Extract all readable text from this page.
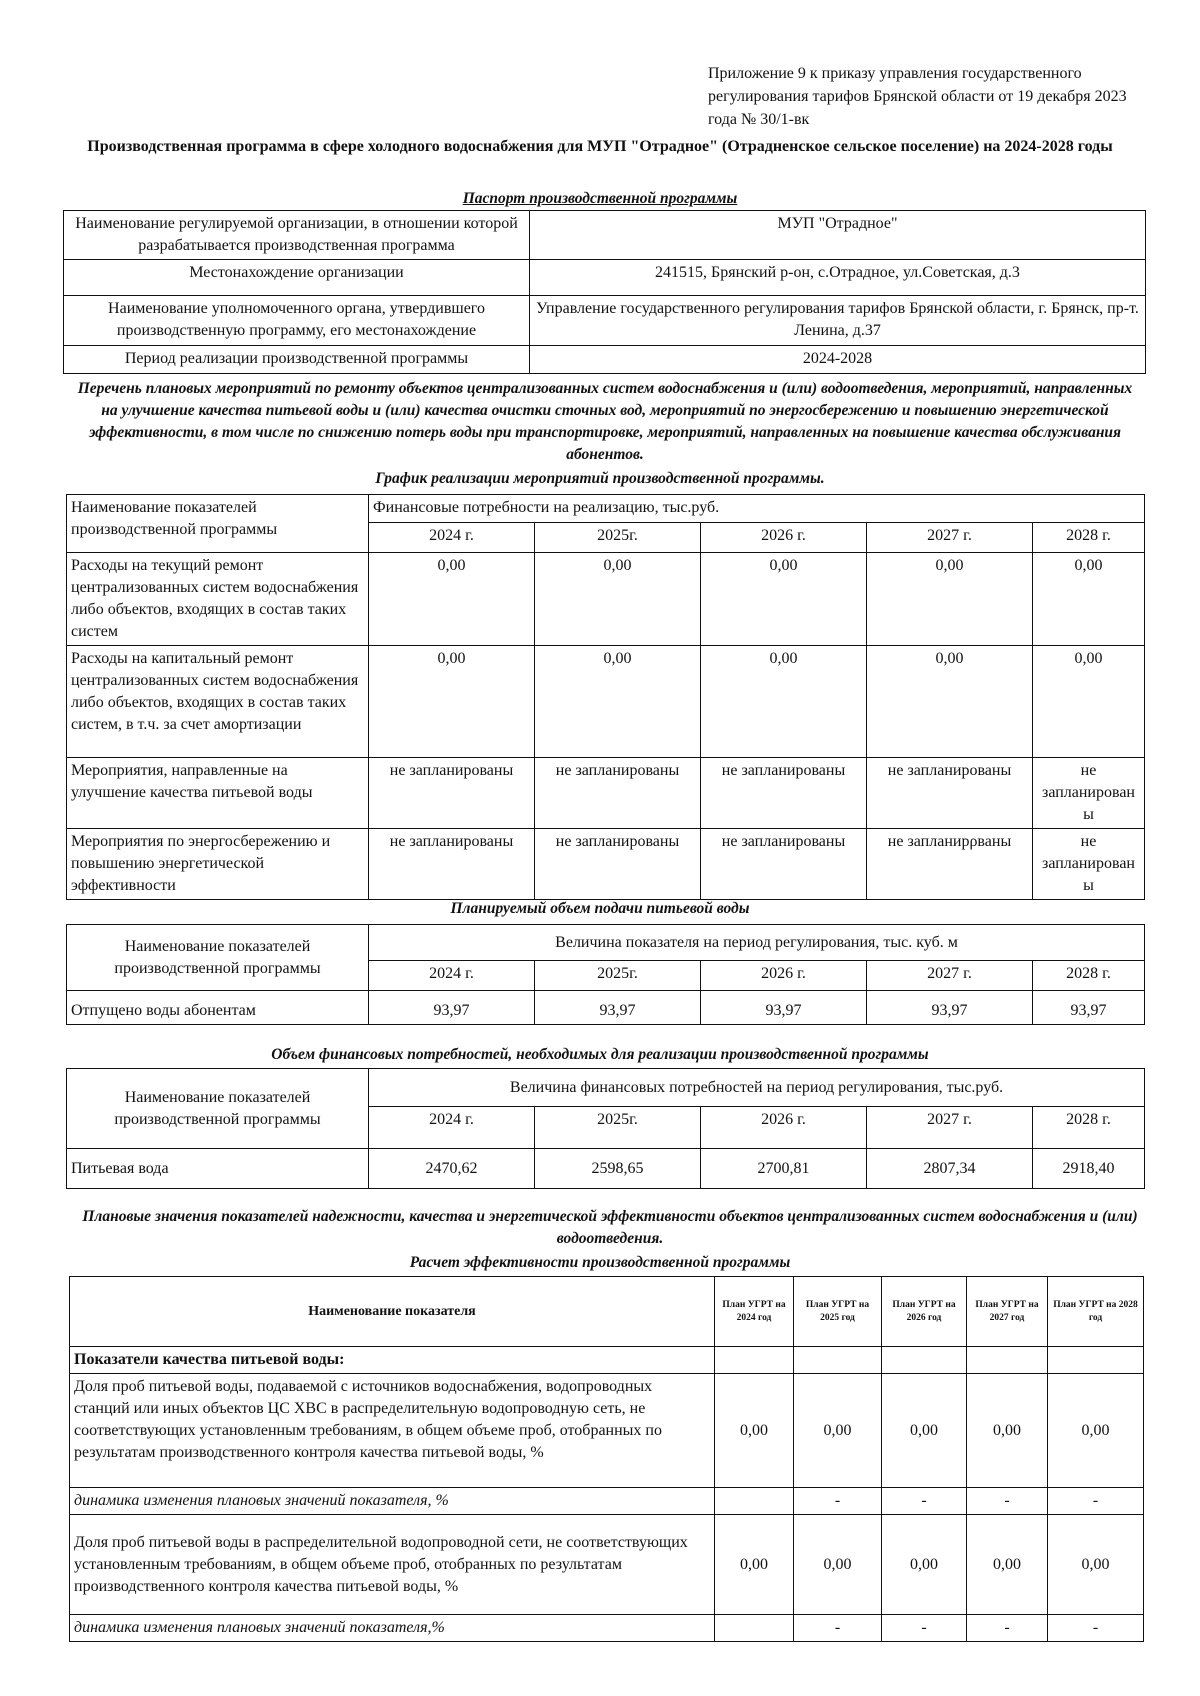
Приложение 9 к приказу управления государственного регулирования тарифов Брянской области от 19 декабря 2023 года № 30/1-вк
Производственная программа в сфере холодного водоснабжения для МУП "Отрадное" (Отрадненское сельское поселение) на 2024-2028 годы
Паспорт производственной программы
Наименование регулируемой организации, в отношении которой разрабатывается производственная программа	МУП "Отрадное"
Местонахождение организации	241515, Брянский р-он, с.Отрадное, ул.Советская, д.3
Наименование уполномоченного органа, утвердившего производственную программу, его местонахождение	Управление государственного регулирования тарифов Брянской области, г. Брянск, пр-т. Ленина, д.37
Период реализации производственной программы	2024-2028
Перечень плановых мероприятий по ремонту объектов централизованных систем водоснабжения и (или) водоотведения, мероприятий, направленных на улучшение качества питьевой воды и (или) качества очистки сточных вод, мероприятий по энергосбережению и повышению энергетической эффективности, в том числе по снижению потерь воды при транспортировке, мероприятий, направленных на повышение качества обслуживания абонентов.
График реализации мероприятий производственной программы.
Наименование показателей производственной программы	Финансовые потребности на реализацию, тыс.руб.				
	2024 г.	2025г.	2026 г.	2027 г.	2028 г.
Расходы на текущий ремонт централизованных систем водоснабжения либо объектов, входящих в состав таких систем	0,00	0,00	0,00	0,00	0,00
Расходы на капитальный ремонт централизованных систем водоснабжения либо объектов, входящих в состав таких систем, в т.ч. за счет амортизации	0,00	0,00	0,00	0,00	0,00
Мероприятия, направленные на улучшение качества питьевой воды	не запланированы	не запланированы	не запланированы	не запланированы	не запланирован ы
Мероприятия по энергосбережению и повышению энергетической эффективности	не запланированы	не запланированы	не запланированы	не запланирρваны	не запланирован ы
Планируемый объем подачи питьевой воды
Наименование показателей производственной программы	Величина показателя на период регулирования, тыс. куб. м				
	2024 г.	2025г.	2026 г.	2027 г.	2028 г.
Отпущено воды абонентам	93,97	93,97	93,97	93,97	93,97
Объем финансовых потребностей, необходимых для реализации производственной программы
Наименование показателей производственной программы	Величина финансовых потребностей на период регулирования, тыс.руб.				
	2024 г.	2025г.	2026 г.	2027 г.	2028 г.
Питьевая вода	2470,62	2598,65	2700,81	2807,34	2918,40
Плановые значения показателей надежности, качества и энергетической эффективности объектов централизованных систем водоснабжения и (или) водоотведения.
Расчет эффективности производственной программы
Наименование показателя	План УГРТ на 2024 год	План УГРТ на 2025 год	План УГРТ на 2026 год	План УГРТ на 2027 год	План УГРТ на 2028 год
Показатели качества питьевой воды:					
Доля проб питьевой воды, подаваемой с источников водоснабжения, водопроводных станций или иных объектов ЦС ХВС в распределительную водопроводную сеть, не соответствующих установленным требованиям, в общем объеме проб, отобранных по результатам производственного контроля качества питьевой воды, %	0,00	0,00	0,00	0,00	0,00
динамика изменения плановых значений показателя, %		-	-	-	-
Доля проб питьевой воды в распределительной водопроводной сети, не соответствующих установленным требованиям, в общем объеме проб, отобранных по результатам производственного контроля качества питьевой воды, %	0,00	0,00	0,00	0,00	0,00
динамика изменения плановых значений показателя,%		-	-	-	-
